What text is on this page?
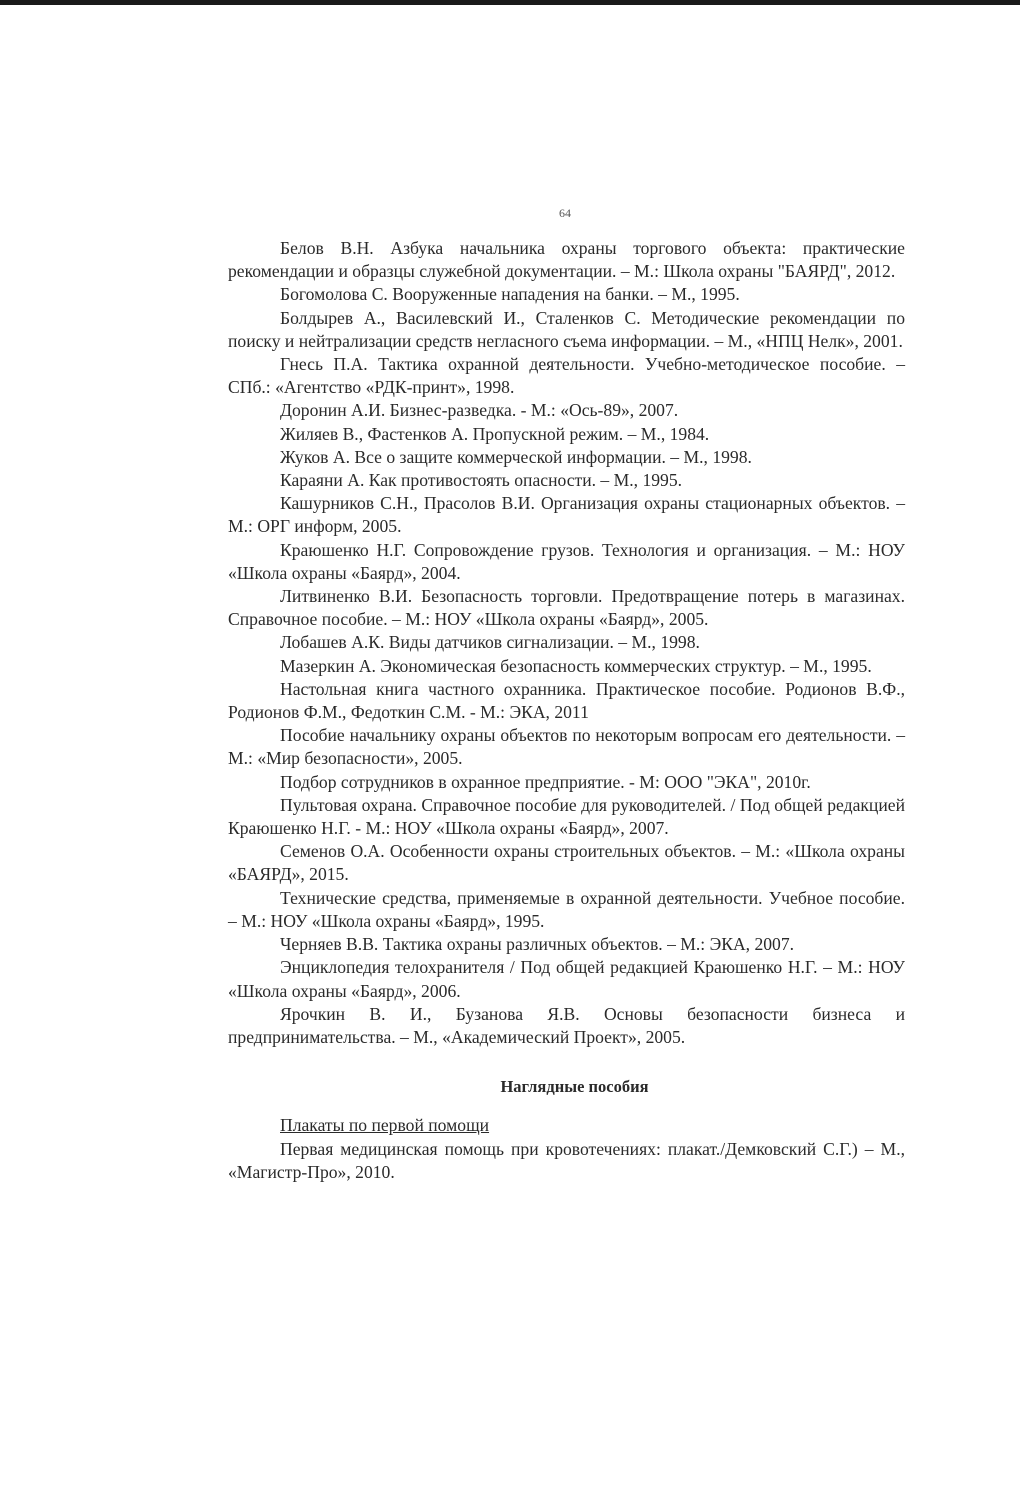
64

Белов В.Н. Азбука начальника охраны торгового объекта: практические рекомендации и образцы служебной документации. – М.: Школа охраны "БАЯРД", 2012.

Богомолова С. Вооруженные нападения на банки. – М., 1995.

Болдырев А., Василевский И., Сталенков С. Методические рекомендации по поиску и нейтрализации средств негласного съема информации. – М., «НПЦ Нелк», 2001.

Гнесь П.А. Тактика охранной деятельности. Учебно-методическое пособие. – СПб.: «Агентство «РДК-принт», 1998.

Доронин А.И. Бизнес-разведка. - М.: «Ось-89», 2007.

Жиляев В., Фастенков А. Пропускной режим. – М., 1984.

Жуков А. Все о защите коммерческой информации. – М., 1998.

Караяни А. Как противостоять опасности. – М., 1995.

Кашурников С.Н., Прасолов В.И. Организация охраны стационарных объектов. – М.: ОРГ информ, 2005.

Краюшенко Н.Г. Сопровождение грузов. Технология и организация. – М.: НОУ «Школа охраны «Баярд», 2004.

Литвиненко В.И. Безопасность торговли. Предотвращение потерь в магазинах. Справочное пособие. – М.: НОУ «Школа охраны «Баярд», 2005.

Лобашев А.К. Виды датчиков сигнализации. – М., 1998.

Мазеркин А. Экономическая безопасность коммерческих структур. – М., 1995.

Настольная книга частного охранника. Практическое пособие. Родионов В.Ф., Родионов Ф.М., Федоткин С.М. - М.: ЭКА, 2011

Пособие начальнику охраны объектов по некоторым вопросам его деятельности. – М.: «Мир безопасности», 2005.

Подбор сотрудников в охранное предприятие. - М: ООО "ЭКА", 2010г.

Пультовая охрана. Справочное пособие для руководителей. / Под общей редакцией Краюшенко Н.Г. - М.: НОУ «Школа охраны «Баярд», 2007.

Семенов О.А. Особенности охраны строительных объектов. – М.: «Школа охраны «БАЯРД», 2015.

Технические средства, применяемые в охранной деятельности. Учебное пособие. – М.: НОУ «Школа охраны «Баярд», 1995.

Черняев В.В. Тактика охраны различных объектов. – М.: ЭКА, 2007.

Энциклопедия телохранителя / Под общей редакцией Краюшенко Н.Г. – М.: НОУ «Школа охраны «Баярд», 2006.

Ярочкин В. И., Бузанова Я.В. Основы безопасности бизнеса и предпринимательства. – М., «Академический Проект», 2005.

Наглядные пособия
Плакаты по первой помощи

Первая медицинская помощь при кровотечениях: плакат./Демковский С.Г.) – М., «Магистр-Про», 2010.
